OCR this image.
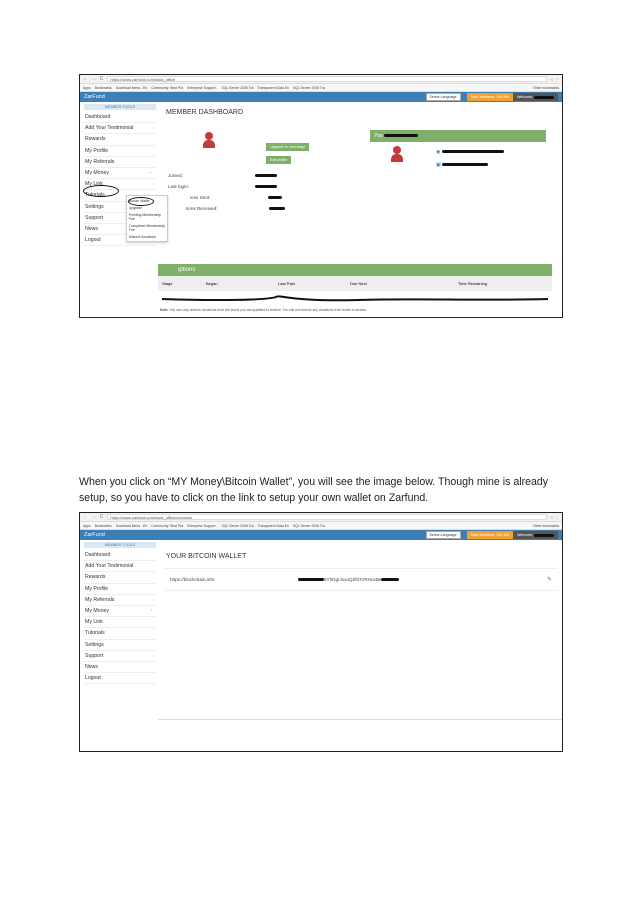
← → C https://www.zarfund.com/back_office	☆ ⋮
Apps Bookmarks Download Items - En Community: Best Pra Enterprise Support - SQL Server 2008 Tra Transparent Data En SQL Server 2008 Tra	Other bookmarks
ZarFund	Select Language	Total Members: 169,440	Welcome,
MEMBER TOOLS
Dashboard
Add Your Testimonial
Rewards
My Profile
My Referrals
My Money	⌄
My Link
Tutorials
Settings
Support
News
Logout
MEMBER DASHBOARD
Upgrade to next stage
Edit profile
Joined:
Last login:
ions Sent:
tions Received:
You
☆☆
◉
▣
iptions
Stage	Began	Last Paid	Due Next	Time Remaining
Note: You can only receive donations from the levels you are qualified to receive. You will not receive any donations from levels in arrears.
Bitcoin Wallet
Upgrade
Pending Membership Fee
Completed Membership Fee
Missed Donations
When you click on “MY Money\Bitcoin Wallet”, you will see the image below. Though mine is already setup, so you have to click on the link to setup your own wallet on Zarfund.
← → C https://www.zarfund.com/back_office/accounts	☆ ⋮
Apps Bookmarks Download Items - En Community: Best Pra Enterprise Support - SQL Server 2008 Tra Transparent Data En SQL Server 2008 Tra	Other bookmarks
ZarFund	Select Language	Total Members: 169,490	Welcome,
MEMBER TOOLS
Dashboard
Add Your Testimonial
Rewards
My Profile
My Referrals
My Money	›
My Link
Tutorials
Settings
Support
News
Logout
YOUR BITCOIN WALLET
https://blockchain.info	5YhDgrJxxoQZf3TzRHuxBe	✎
